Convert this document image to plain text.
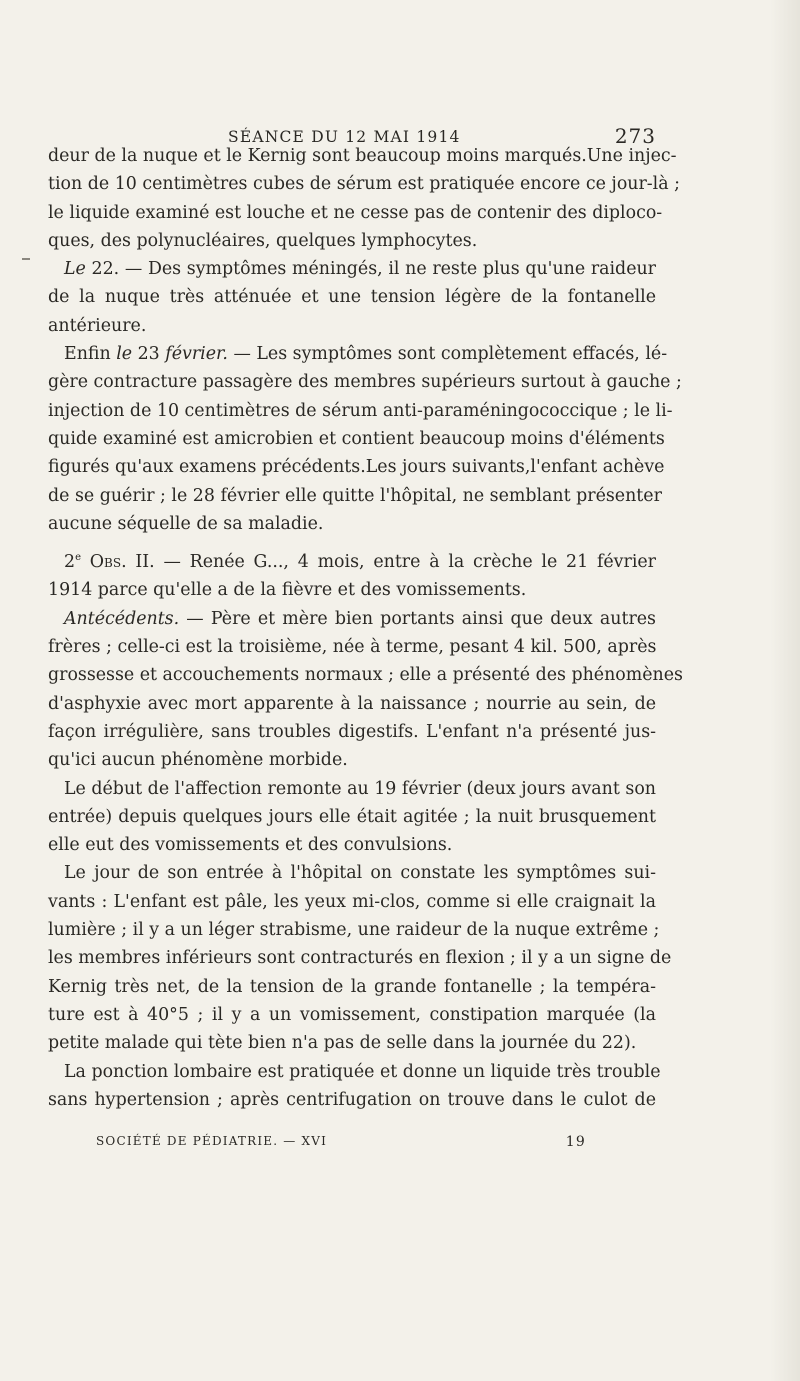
SÉANCE DU 12 MAI 1914	273
deur de la nuque et le Kernig sont beaucoup moins marqués.Une injec-
tion de 10 centimètres cubes de sérum est pratiquée encore ce jour-là ;
le liquide examiné est louche et ne cesse pas de contenir des diploco-
ques, des polynucléaires, quelques lymphocytes.
Le 22. — Des symptômes méningés, il ne reste plus qu'une raideur
de la nuque très atténuée et une tension légère de la fontanelle
antérieure.
Enfin le 23 février. — Les symptômes sont complètement effacés, lé-
gère contracture passagère des membres supérieurs surtout à gauche ;
injection de 10 centimètres de sérum anti-paraméningococcique ; le li-
quide examiné est amicrobien et contient beaucoup moins d'éléments
figurés qu'aux examens précédents.Les jours suivants,l'enfant achève
de se guérir ; le 28 février elle quitte l'hôpital, ne semblant présenter
aucune séquelle de sa maladie.
2e Obs. II. — Renée G..., 4 mois, entre à la crèche le 21 février
1914 parce qu'elle a de la fièvre et des vomissements.
Antécédents. — Père et mère bien portants ainsi que deux autres
frères ; celle-ci est la troisième, née à terme, pesant 4 kil. 500, après
grossesse et accouchements normaux ; elle a présenté des phénomènes
d'asphyxie avec mort apparente à la naissance ; nourrie au sein, de
façon irrégulière, sans troubles digestifs. L'enfant n'a présenté jus-
qu'ici aucun phénomène morbide.
Le début de l'affection remonte au 19 février (deux jours avant son
entrée) depuis quelques jours elle était agitée ; la nuit brusquement
elle eut des vomissements et des convulsions.
Le jour de son entrée à l'hôpital on constate les symptômes sui-
vants : L'enfant est pâle, les yeux mi-clos, comme si elle craignait la
lumière ; il y a un léger strabisme, une raideur de la nuque extrême ;
les membres inférieurs sont contracturés en flexion ; il y a un signe de
Kernig très net, de la tension de la grande fontanelle ; la tempéra-
ture est à 40°5 ; il y a un vomissement, constipation marquée (la
petite malade qui tète bien n'a pas de selle dans la journée du 22).
La ponction lombaire est pratiquée et donne un liquide très trouble
sans hypertension ; après centrifugation on trouve dans le culot de
SOCIÉTÉ DE PÉDIATRIE. — XVI	19
